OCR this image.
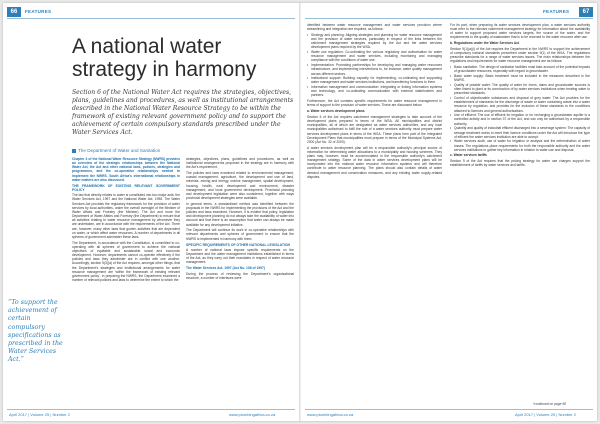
66	FEATURES
A national water strategy in harmony
Section 6 of the National Water Act requires the strategies, objectives, plans, guidelines and procedures, as well as institutional arrangements described in the National Water Resource Strategy to be within the framework of existing relevant government policy and to support the achievement of certain compulsory standards prescribed under the Water Services Act.
The Department of Water and Sanitation
“To support the achievement of certain compulsory specifications as prescribed in the Water Services Act.”

Chapter 3 of the National Water Resource Strategy (NWRS) provides an overview of the strategic relationships between the National Water Act, the Act and other national laws, policies, strategies and programmes, and the co-operative relationships needed to implement the NWRS. South Africa's international relationships in water matters are also discussed.

THE FRAMEWORK OF EXISTING RELEVANT GOVERNMENT POLICY

The law that directly relates to water is constituted into two major acts: the Water Services Act, 1997 and the National Water Act, 1998. The Water Services Act provides the regulatory framework for the provision of water services by local authorities, under the overall oversight of the Minister of Water Affairs and Forestry (the Minister). The Act and more the Department of Water Affairs and Forestry (the Department) to ensure that all activities relating to water resource management by whomever they are undertaken, are in accordance with the requirements of the Act. There are, however, many other laws that govern activities that are dependent on water, or which affect water resources. A number of departments in all spheres of government administer these laws.

The Department, in accordance with the Constitution, is committed to co-operating with all spheres of government to achieve the national objectives of equitable and sustainable social and economic development. However, departments cannot co-operate effectively if the policies and laws they administer are in conflict with one another. Accordingly, section 5(3)(a) of the Act requires, amongst other things, that the Department's strategies and institutional arrangements for water resource management are 'within the framework of existing relevant government policy'. In preparing the NWRS, the Department examined a number of relevant policies and laws to determine the extent to which the

strategies, objectives, plans, guidelines and procedures, as well as institutional arrangements proposed in the strategy are in harmony with the Act's requirement.

The policies and laws examined related to environmental management, coastal management, agriculture, the development and use of land, minerals, mining and energy, marine management, spatial development, housing, health, rural development and environment, disaster management, and local government development. Provincial planning and development legislation were also considered, together with ways provincial development strategies were available.

In general terms, a standardised method was identified between the proposals in the NWRS for implementing the provisions of the Act and the policies and laws examined. However, it is evident that policy, legislation and development planning do not always take the availability of water into account and that there is an assumption that water can always be made available for any development initiative.

The Department will continue its work in co-operative relationships with relevant departments and spheres of government to ensure that the NWRS is implemented in harmony with them.

SPECIFIC REQUIREMENTS OF OTHER NATIONAL LEGISLATION

A number of national laws impose specific requirements on the Department and the water management institutions established in terms of the Act, as they carry out their mandates in respect of water resource management.

The Water Services Act, 1997 (Act No. 108 of 1997)

During the process of reviewing the Department's organisational structure, a number of interfaces were

April 2017 | Volume 25 | Number 2	www.plumbingafrica.co.za
67
FEATURES

identified between water resource management and water services provision where streamlining and integration are required, as follows:

• Strategy and planning: Aligning strategies and planning for water resource management and the provision of water services, particularly in respect of the links between the catchment management strategies required by the Act and the water services development plans required by the WSA.
• Water use regulation: Co-ordinating the various regulatory and authorisation for water resource management and water services, including monitoring and managing compliance with the conditions of water use.
• Implementation: Promoting partnerships for developing and managing water resources infrastructure, and implementing interventions to, for instance, water quality management across different sectors.
• Institutional support: Building capacity for implementing, co-ordinating and supporting water management and water services institutions, and transferring functions to them.
• Information management and communication: Integrating or linking information systems and technology, and co-ordinating communication with external stakeholders and partners.

Furthermore, the Act contains specific requirements for water resource management in terms of support to the provision of water services. These are discussed below.

a. Water services development plans

Section 6 of the Act requires catchment management strategies to take account of the development plans prepared in terms of the WSA. All municipalities and district municipalities, all of which are designated as water services authorities, and any local municipalities authorised to fulfil the role of a water services authority must prepare water services development plans in terms of the WSA. These plans form part of the Integrated Development Plans that municipalities must prepare in terms of the Municipal Systems Act, 2000 (Act No. 32 of 2000).

A water services development plan will be a responsible authority's principal source of information for determining water allocations to a municipality and housing schemes. They plans may, however, must be accommodated in the responsible authority's catchment management strategy. Some of the data in water services development plans will be incorporated into the national water resource information systems and will therefore contribute to water resource planning. The plans should also contain details of water demand management and conservation measures, and any existing water supply-related disputes.

For its part, when preparing its water services development plan, a water services authority must refer to the relevant catchment management strategy for information about the availability of water to support proposed water services targets, the source of the water, and the requirements to the quality of wastewater that is to be returned to the water resource after use.

b. Regulations under the Water Services Act

Section 9(1)(a)(i) of the Act requires the Department in the NWRS to support the achievement of compulsory national standards prescribed under section 9(1) of the WSA. The regulations prescribe standards for a range of water services issues. The main relationships between the regulations and requirements for water resource management are as follows:

• Basic sanitation: The design of sanitation facilities must take account of the potential impacts of groundwater resources, especially with regard to groundwater.
• Basic water supply: Basic treatment must be included in the measures described in the NWRS.
• Quality of potable water: The quality of water for rivers, dams and groundwater sources is often linked to plant or its construction of by water services institutions when treating water to prescribed standards.
• Control of objectionable substances and disposal of grey water: The Act provides for the establishment of standards for the discharge of waste or water containing waste into a water resource by regulation, and provides for the inclusion of these standards to the conditions attached to licences and general authorisations.
• Use of effluent: The use of effluent for irrigation or for recharging a groundwater aquifer is a controlled activity and in section 37 of the Act, and can only be authorised by a responsible authority.
• Quantity and quality of industrial effluent discharged into a sewerage system: The capacity of sewage treatment works to meet their licence conditions under the Act will introduce the type of effluent the water services institution are able to accept.
• Water services audit, use of water for irrigation or analysis and the determination of water losses: The regulations place requirements for both the responsible authority and the water services institutions to gather key information in relation to water use and disposal.

c. Water services tariffs

Section 9 of the Act requires that the pricing strategy for water use charges support the establishment of tariffs by water services and tariffs.

*continued on page 68
www.plumbingafrica.co.za	April 2017 | Volume 25 | Number 2
